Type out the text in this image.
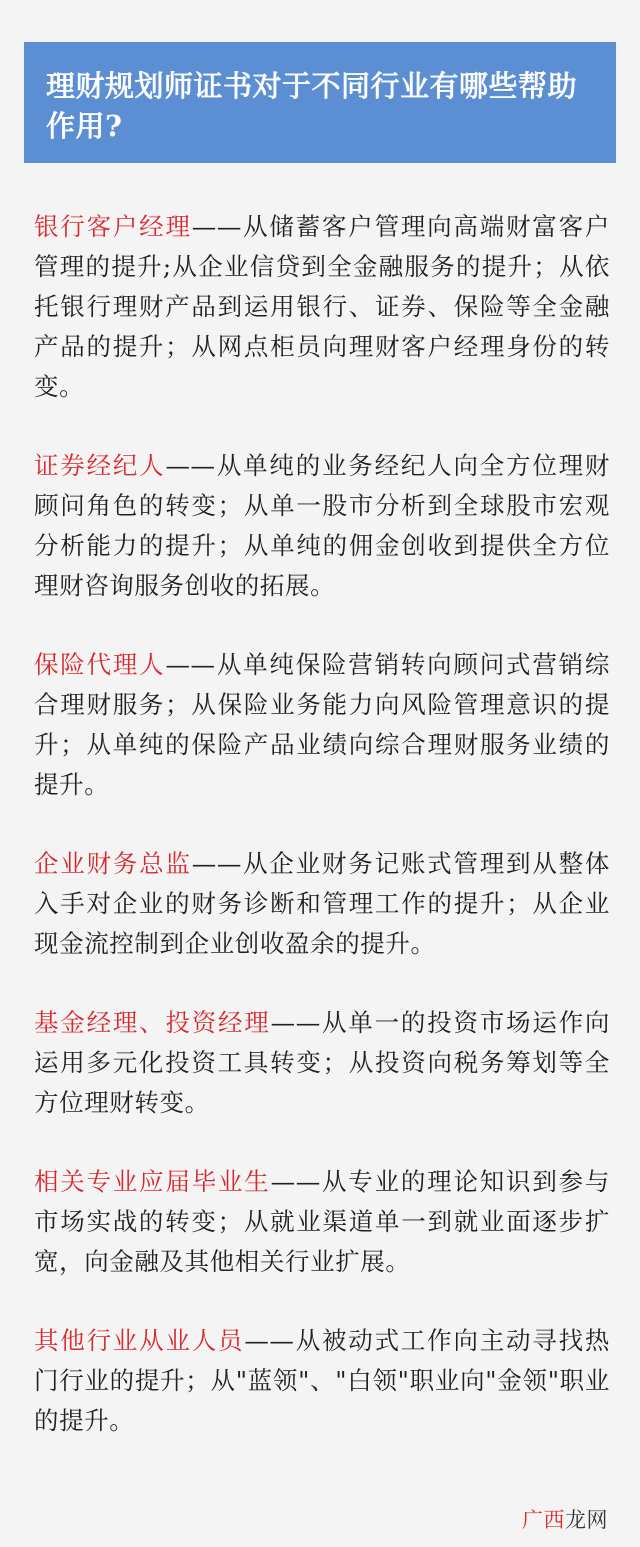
理财规划师证书对于不同行业有哪些帮助作用?

银行客户经理——从储蓄客户管理向高端财富客户管理的提升;从企业信贷到全金融服务的提升；从依托银行理财产品到运用银行、证券、保险等全金融产品的提升；从网点柜员向理财客户经理身份的转变。

证券经纪人——从单纯的业务经纪人向全方位理财顾问角色的转变；从单一股市分析到全球股市宏观分析能力的提升；从单纯的佣金创收到提供全方位理财咨询服务创收的拓展。

保险代理人——从单纯保险营销转向顾问式营销综合理财服务；从保险业务能力向风险管理意识的提升；从单纯的保险产品业绩向综合理财服务业绩的提升。

企业财务总监——从企业财务记账式管理到从整体入手对企业的财务诊断和管理工作的提升；从企业现金流控制到企业创收盈余的提升。

基金经理、投资经理——从单一的投资市场运作向运用多元化投资工具转变；从投资向税务筹划等全方位理财转变。

相关专业应届毕业生——从专业的理论知识到参与市场实战的转变；从就业渠道单一到就业面逐步扩宽，向金融及其他相关行业扩展。

其他行业从业人员——从被动式工作向主动寻找热门行业的提升；从"蓝领"、"白领"职业向"金领"职业的提升。

广西龙网
